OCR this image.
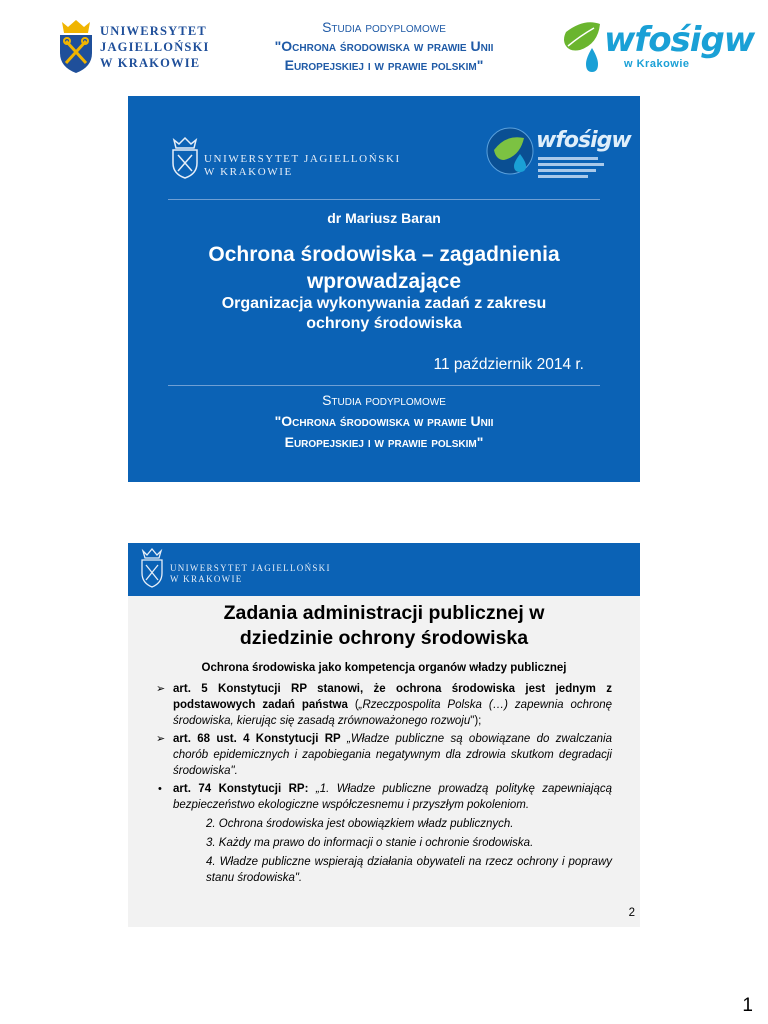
UNIWERSYTET
JAGIELLOŃSKI
W KRAKOWIE
Studia podyplomowe
"Ochrona środowiska w prawie Unii
Europejskiej i w prawie polskim"
wfośigw
w Krakowie
UNIWERSYTET JAGIELLOŃSKI
W KRAKOWIE
wfośigw
dr Mariusz Baran
Ochrona środowiska – zagadnienia
wprowadzające
Organizacja wykonywania zadań z zakresu
ochrony środowiska
11 październik 2014 r.
Studia podyplomowe
"Ochrona środowiska w prawie Unii
Europejskiej i w prawie polskim"
UNIWERSYTET JAGIELLOŃSKI
W KRAKOWIE
Zadania administracji publicznej w
dziedzinie ochrony środowiska
Ochrona środowiska jako kompetencja organów władzy publicznej
➢ art. 5 Konstytucji RP stanowi, że ochrona środowiska jest jednym z podstawowych zadań państwa („Rzeczpospolita Polska (…) zapewnia ochronę środowiska, kierując się zasadą zrównoważonego rozwoju");
➢ art. 68 ust. 4 Konstytucji RP „Władze publiczne są obowiązane do zwalczania chorób epidemicznych i zapobiegania negatywnym dla zdrowia skutkom degradacji środowiska".
• art. 74 Konstytucji RP: „1. Władze publiczne prowadzą politykę zapewniającą bezpieczeństwo ekologiczne współczesnemu i przyszłym pokoleniom.
2. Ochrona środowiska jest obowiązkiem władz publicznych.
3. Każdy ma prawo do informacji o stanie i ochronie środowiska.
4. Władze publiczne wspierają działania obywateli na rzecz ochrony i poprawy stanu środowiska".
2
1
